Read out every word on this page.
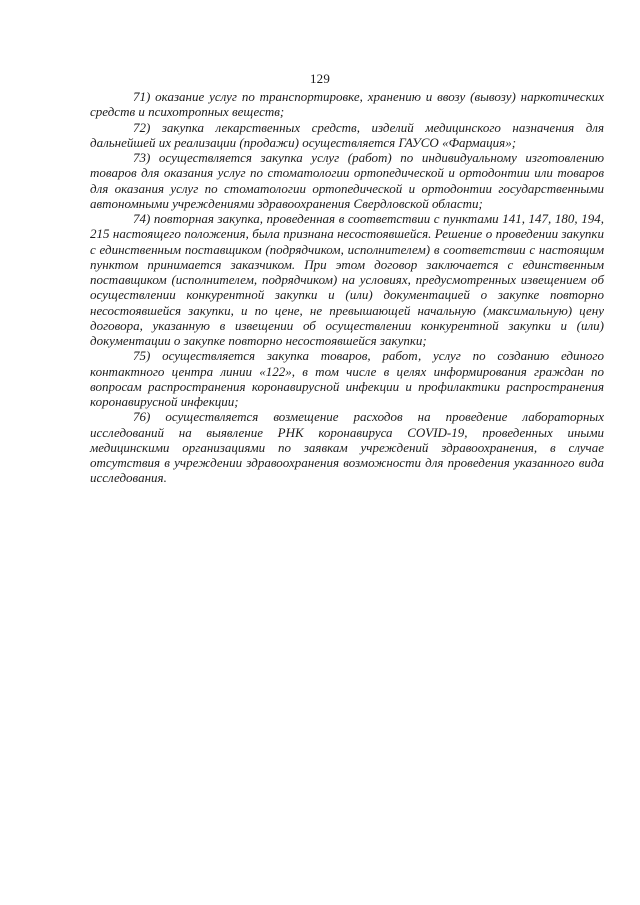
129

71) оказание услуг по транспортировке, хранению и ввозу (вывозу) наркотических средств и психотропных веществ;

72) закупка лекарственных средств, изделий медицинского назначения для дальнейшей их реализации (продажи) осуществляется ГАУСО «Фармация»;

73) осуществляется закупка услуг (работ) по индивидуальному изготовлению товаров для оказания услуг по стоматологии ортопедической и ортодонтии или товаров для оказания услуг по стоматологии ортопедической и ортодонтии государственными автономными учреждениями здравоохранения Свердловской области;

74) повторная закупка, проведенная в соответствии с пунктами 141, 147, 180, 194, 215 настоящего положения, была признана несостоявшейся. Решение о проведении закупки с единственным поставщиком (подрядчиком, исполнителем) в соответствии с настоящим пунктом принимается заказчиком. При этом договор заключается с единственным поставщиком (исполнителем, подрядчиком) на условиях, предусмотренных извещением об осуществлении конкурентной закупки и (или) документацией о закупке повторно несостоявшейся закупки, и по цене, не превышающей начальную (максимальную) цену договора, указанную в извещении об осуществлении конкурентной закупки и (или) документации о закупке повторно несостоявшейся закупки;

75) осуществляется закупка товаров, работ, услуг по созданию единого контактного центра линии «122», в том числе в целях информирования граждан по вопросам распространения коронавирусной инфекции и профилактики распространения коронавирусной инфекции;

76) осуществляется возмещение расходов на проведение лабораторных исследований на выявление РНК коронавируса COVID-19, проведенных иными медицинскими организациями по заявкам учреждений здравоохранения, в случае отсутствия в учреждении здравоохранения возможности для проведения указанного вида исследования.
